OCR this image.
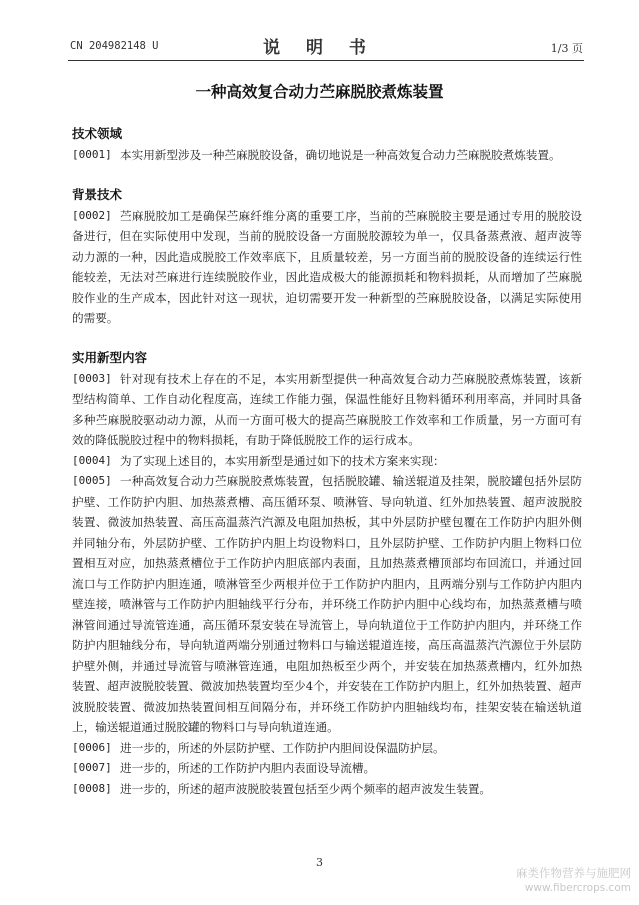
CN 204982148 U	说 明 书	1/3 页
一种高效复合动力苎麻脱胶煮炼装置
技术领域

[0001] 本实用新型涉及一种苎麻脱胶设备，确切地说是一种高效复合动力苎麻脱胶煮炼装置。

背景技术

[0002] 苎麻脱胶加工是确保苎麻纤维分离的重要工序，当前的苎麻脱胶主要是通过专用的脱胶设备进行，但在实际使用中发现，当前的脱胶设备一方面脱胶源较为单一，仅具备蒸煮液、超声波等动力源的一种，因此造成脱胶工作效率底下，且质量较差，另一方面当前的脱胶设备的连续运行性能较差，无法对苎麻进行连续脱胶作业，因此造成极大的能源损耗和物料损耗，从而增加了苎麻脱胶作业的生产成本，因此针对这一现状，迫切需要开发一种新型的苎麻脱胶设备，以满足实际使用的需要。

实用新型内容

[0003] 针对现有技术上存在的不足，本实用新型提供一种高效复合动力苎麻脱胶煮炼装置，该新型结构简单、工作自动化程度高，连续工作能力强，保温性能好且物料循环利用率高，并同时具备多种苎麻脱胶驱动动力源，从而一方面可极大的提高苎麻脱胶工作效率和工作质量，另一方面可有效的降低脱胶过程中的物料损耗，有助于降低脱胶工作的运行成本。

[0004] 为了实现上述目的，本实用新型是通过如下的技术方案来实现：

[0005] 一种高效复合动力苎麻脱胶煮炼装置，包括脱胶罐、输送辊道及挂架，脱胶罐包括外层防护壁、工作防护内胆、加热蒸煮槽、高压循环泵、喷淋管、导向轨道、红外加热装置、超声波脱胶装置、微波加热装置、高压高温蒸汽汽源及电阻加热板，其中外层防护壁包覆在工作防护内胆外侧并同轴分布，外层防护壁、工作防护内胆上均设物料口，且外层防护壁、工作防护内胆上物料口位置相互对应，加热蒸煮槽位于工作防护内胆底部内表面，且加热蒸煮槽顶部均布回流口，并通过回流口与工作防护内胆连通，喷淋管至少两根并位于工作防护内胆内，且两端分别与工作防护内胆内壁连接，喷淋管与工作防护内胆轴线平行分布，并环绕工作防护内胆中心线均布，加热蒸煮槽与喷淋管间通过导流管连通，高压循环泵安装在导流管上，导向轨道位于工作防护内胆内，并环绕工作防护内胆轴线分布，导向轨道两端分别通过物料口与输送辊道连接，高压高温蒸汽汽源位于外层防护壁外侧，并通过导流管与喷淋管连通，电阻加热板至少两个，并安装在加热蒸煮槽内，红外加热装置、超声波脱胶装置、微波加热装置均至少4个，并安装在工作防护内胆上，红外加热装置、超声波脱胶装置、微波加热装置间相互间隔分布，并环绕工作防护内胆轴线均布，挂架安装在输送轨道上，输送辊道通过脱胶罐的物料口与导向轨道连通。

[0006] 进一步的，所述的外层防护壁、工作防护内胆间设保温防护层。

[0007] 进一步的，所述的工作防护内胆内表面设导流槽。

[0008] 进一步的，所述的超声波脱胶装置包括至少两个频率的超声波发生装置。

3
麻类作物营养与施肥网
www.fibercrops.com
